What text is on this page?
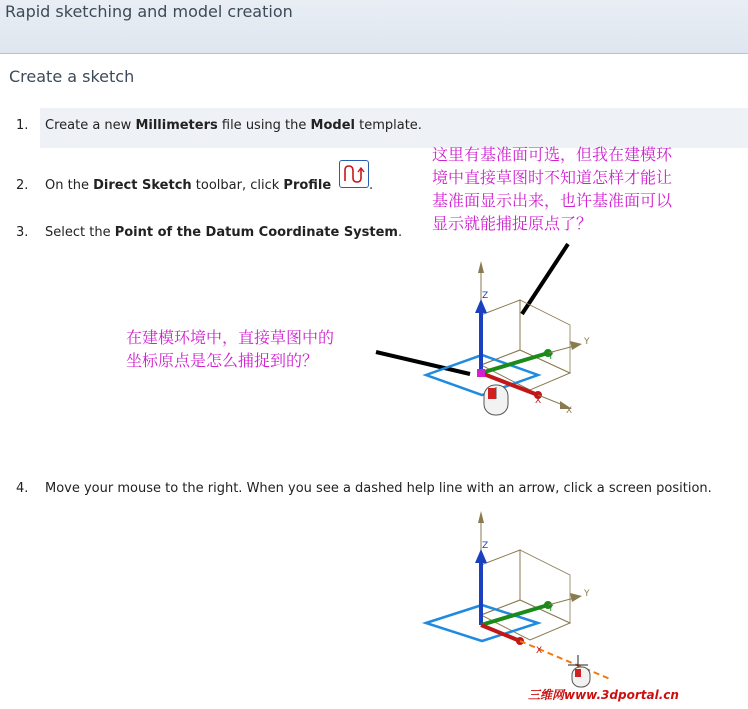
Rapid sketching and model creation
Create a sketch
1. Create a new Millimeters file using the Model template.
2. On the Direct Sketch toolbar, click Profile	.
3. Select the Point of the Datum Coordinate System.
4. Move your mouse to the right. When you see a dashed help line with an arrow, click a screen position.
这里有基准面可选，但我在建模环
境中直接草图时不知道怎样才能让
基准面显示出来，也许基准面可以
显示就能捕捉原点了？
在建模环境中，直接草图中的
坐标原点是怎么捕捉到的？
Z
Y
Y
X
X
Z
Y
Y
X
三维网www.3dportal.cn
